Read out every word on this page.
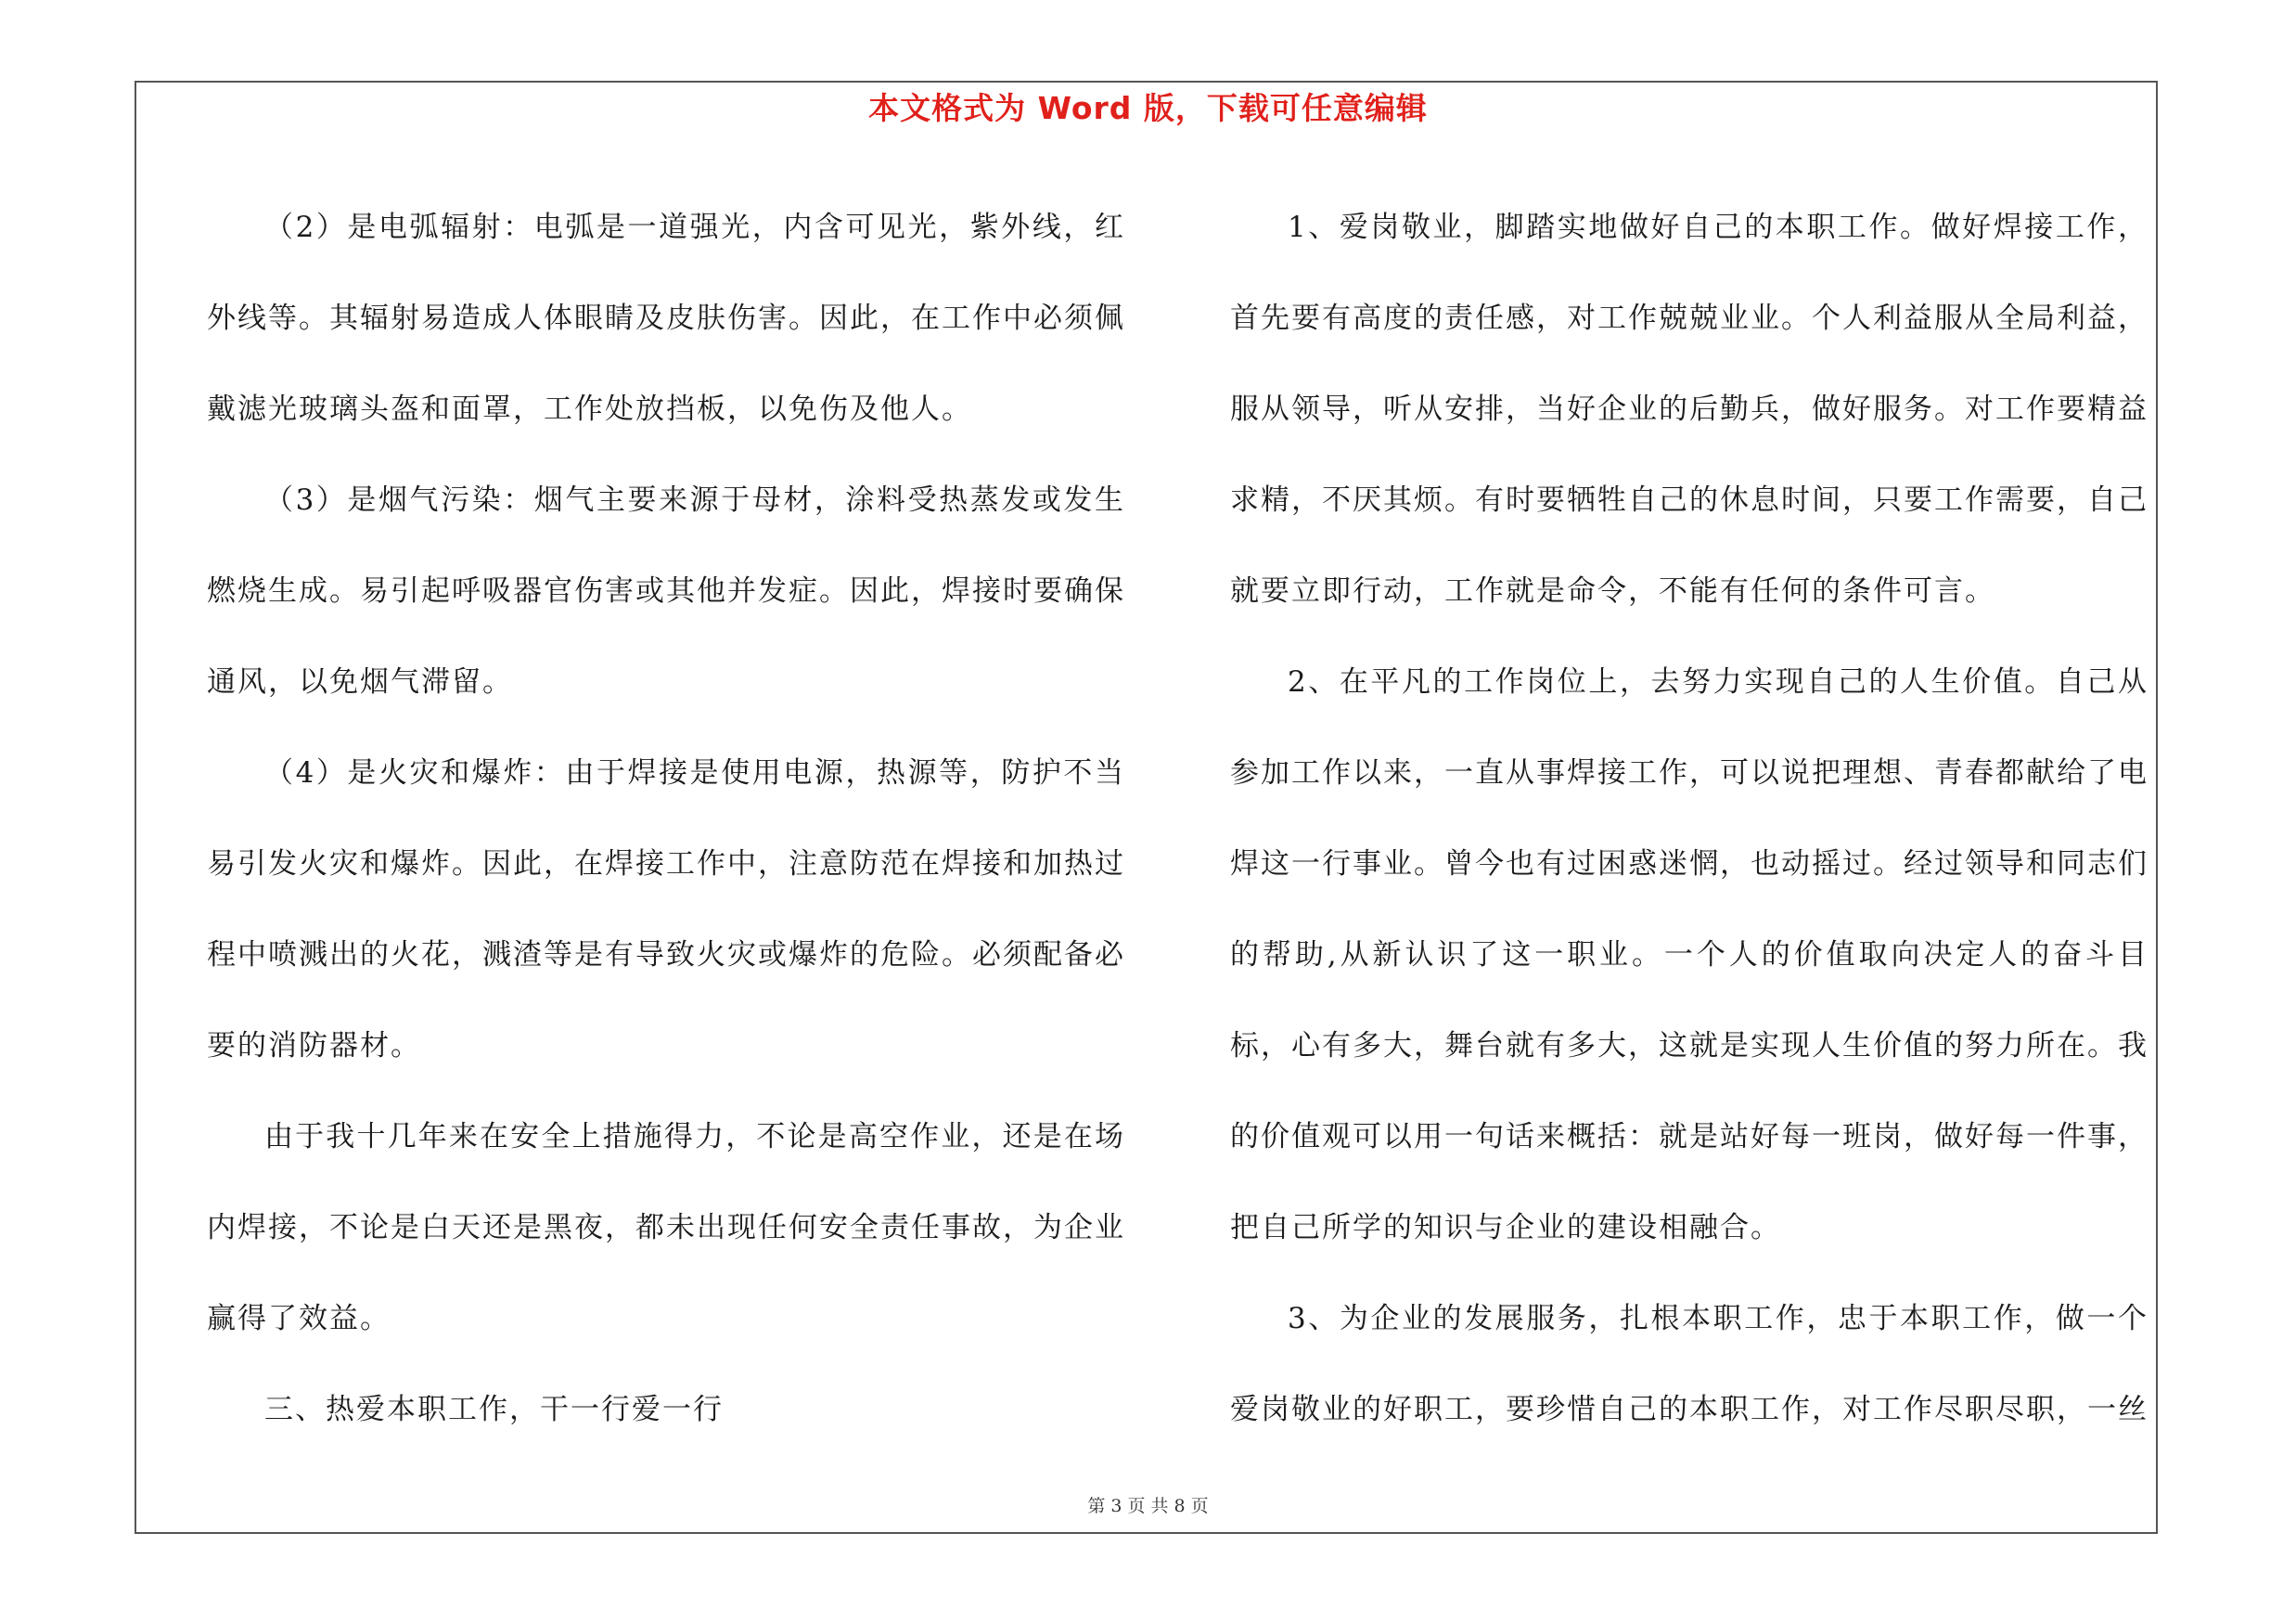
本文格式为 Word 版，下载可任意编辑

（2）是电弧辐射：电弧是一道强光，内含可见光，紫外线，红外线等。其辐射易造成人体眼睛及皮肤伤害。因此，在工作中必须佩戴滤光玻璃头盔和面罩，工作处放挡板，以免伤及他人。

（3）是烟气污染：烟气主要来源于母材，涂料受热蒸发或发生燃烧生成。易引起呼吸器官伤害或其他并发症。因此，焊接时要确保通风，以免烟气滞留。

（4）是火灾和爆炸：由于焊接是使用电源，热源等，防护不当易引发火灾和爆炸。因此，在焊接工作中，注意防范在焊接和加热过程中喷溅出的火花，溅渣等是有导致火灾或爆炸的危险。必须配备必要的消防器材。

由于我十几年来在安全上措施得力，不论是高空作业，还是在场内焊接，不论是白天还是黑夜，都未出现任何安全责任事故，为企业赢得了效益。

三、热爱本职工作，干一行爱一行

1、爱岗敬业，脚踏实地做好自己的本职工作。做好焊接工作，首先要有高度的责任感，对工作兢兢业业。个人利益服从全局利益，服从领导，听从安排，当好企业的后勤兵，做好服务。对工作要精益求精，不厌其烦。有时要牺牲自己的休息时间，只要工作需要，自己就要立即行动，工作就是命令，不能有任何的条件可言。

2、在平凡的工作岗位上，去努力实现自己的人生价值。自己从参加工作以来，一直从事焊接工作，可以说把理想、青春都献给了电焊这一行事业。曾今也有过困惑迷惘，也动摇过。经过领导和同志们的帮助,从新认识了这一职业。一个人的价值取向决定人的奋斗目标，心有多大，舞台就有多大，这就是实现人生价值的努力所在。我的价值观可以用一句话来概括：就是站好每一班岗，做好每一件事，把自己所学的知识与企业的建设相融合。

3、为企业的发展服务，扎根本职工作，忠于本职工作，做一个爱岗敬业的好职工，要珍惜自己的本职工作，对工作尽职尽职，一丝

第 3 页 共 8 页
